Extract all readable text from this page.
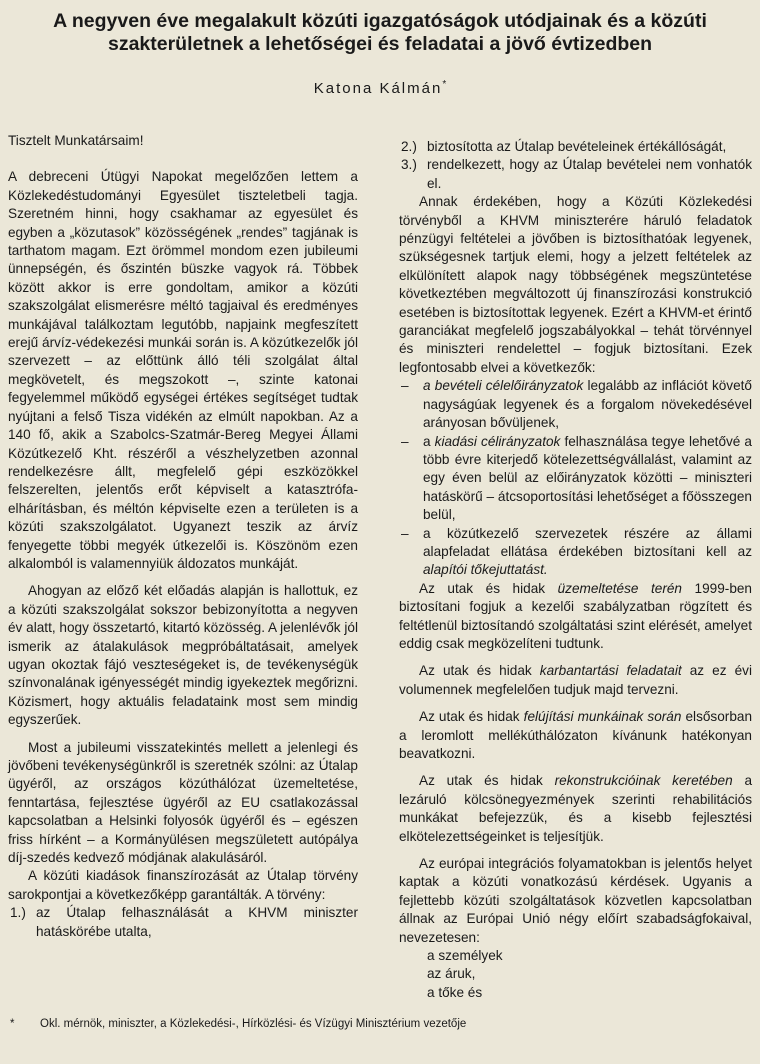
A negyven éve megalakult közúti igazgatóságok utódjainak és a közúti
szakterületnek a lehetőségei és feladatai a jövő évtizedben
Katona Kálmán*

Tisztelt Munkatársaim!

A debreceni Útügyi Napokat megelőzően lettem a Közlekedéstudományi Egyesület tiszteletbeli tagja. Szeretném hinni, hogy csakhamar az egyesület és egyben a „közutasok” közösségének „rendes” tagjának is tarthatom magam. Ezt örömmel mondom ezen jubileumi ünnepségén, és őszintén büszke vagyok rá. Többek között akkor is erre gondoltam, amikor a közúti szakszolgálat elismerésre méltó tagjaival és eredményes munkájával találkoztam legutóbb, napjaink megfeszített erejű árvíz-védekezési munkái során is. A közútkezelők jól szervezett – az előttünk álló téli szolgálat által megkövetelt, és megszokott –, szinte katonai fegyelemmel működő egységei értékes segítséget tudtak nyújtani a felső Tisza vidékén az elmúlt napokban. Az a 140 fő, akik a Szabolcs-Szatmár-Bereg Megyei Állami Közútkezelő Kht. részéről a vészhelyzetben azonnal rendelkezésre állt, megfelelő gépi eszközökkel felszerelten, jelentős erőt képviselt a katasztrófa-elhárításban, és méltón képviselte ezen a területen is a közúti szakszolgálatot. Ugyanezt teszik az árvíz fenyegette többi megyék útkezelői is. Köszönöm ezen alkalomból is valamennyiük áldozatos munkáját.

Ahogyan az előző két előadás alapján is hallottuk, ez a közúti szakszolgálat sokszor bebizonyította a negyven év alatt, hogy összetartó, kitartó közösség. A jelenlévők jól ismerik az átalakulások megpróbáltatásait, amelyek ugyan okoztak fájó veszteségeket is, de tevékenységük színvonalának igényességét mindig igyekeztek megőrizni. Közismert, hogy aktuális feladataink most sem mindig egyszerűek.

Most a jubileumi visszatekintés mellett a jelenlegi és jövőbeni tevékenységünkről is szeretnék szólni: az Útalap ügyéről, az országos közúthálózat üzemeltetése, fenntartása, fejlesztése ügyéről az EU csatlakozással kapcsolatban a Helsinki folyosók ügyéről és – egészen friss hírként – a Kormányülésen megszületett autópálya díj-szedés kedvező módjának alakulásáról.

A közúti kiadások finanszírozását az Útalap törvény sarokpontjai a következőképp garantálták. A törvény:

1.) az Útalap felhasználását a KHVM miniszter hatáskörébe utalta,

2.) biztosította az Útalap bevételeinek értékállóságát,

3.) rendelkezett, hogy az Útalap bevételei nem vonhatók el.

Annak érdekében, hogy a Közúti Közlekedési törvényből a KHVM miniszterére háruló feladatok pénzügyi feltételei a jövőben is biztosíthatóak legyenek, szükségesnek tartjuk elemi, hogy a jelzett feltételek az elkülönített alapok nagy többségének megszüntetése következtében megváltozott új finanszírozási konstrukció esetében is biztosítottak legyenek. Ezért a KHVM-et érintő garanciákat megfelelő jogszabályokkal – tehát törvénnyel és miniszteri rendelettel – fogjuk biztosítani. Ezek legfontosabb elvei a következők:

– a bevételi célelőirányzatok legalább az inflációt követő nagyságúak legyenek és a forgalom növekedésével arányosan bővüljenek,

– a kiadási célirányzatok felhasználása tegye lehetővé a több évre kiterjedő kötelezettségvállalást, valamint az egy éven belül az előirányzatok közötti – miniszteri hatáskörű – átcsoportosítási lehetőséget a főösszegen belül,

– a közútkezelő szervezetek részére az állami alapfeladat ellátása érdekében biztosítani kell az alapítói tőkejuttatást.

Az utak és hidak üzemeltetése terén 1999-ben biztosítani fogjuk a kezelői szabályzatban rögzített és feltétlenül biztosítandó szolgáltatási szint elérését, amelyet eddig csak megközelíteni tudtunk.

Az utak és hidak karbantartási feladatait az ez évi volumennek megfelelően tudjuk majd tervezni.

Az utak és hidak felújítási munkáinak során elsősorban a leromlott mellékúthálózaton kívánunk hatékonyan beavatkozni.

Az utak és hidak rekonstrukcióinak keretében a lezáruló kölcsönegyezmények szerinti rehabilitációs munkákat befejezzük, és a kisebb fejlesztési elkötelezettségeinket is teljesítjük.

Az európai integrációs folyamatokban is jelentős helyet kaptak a közúti vonatkozású kérdések. Ugyanis a fejlettebb közúti szolgáltatások közvetlen kapcsolatban állnak az Európai Unió négy előírt szabadságfokaival, nevezetesen:

a személyek

az áruk,

a tőke és

* Okl. mérnök, miniszter, a Közlekedési-, Hírközlési- és Vízügyi Minisztérium vezetője
